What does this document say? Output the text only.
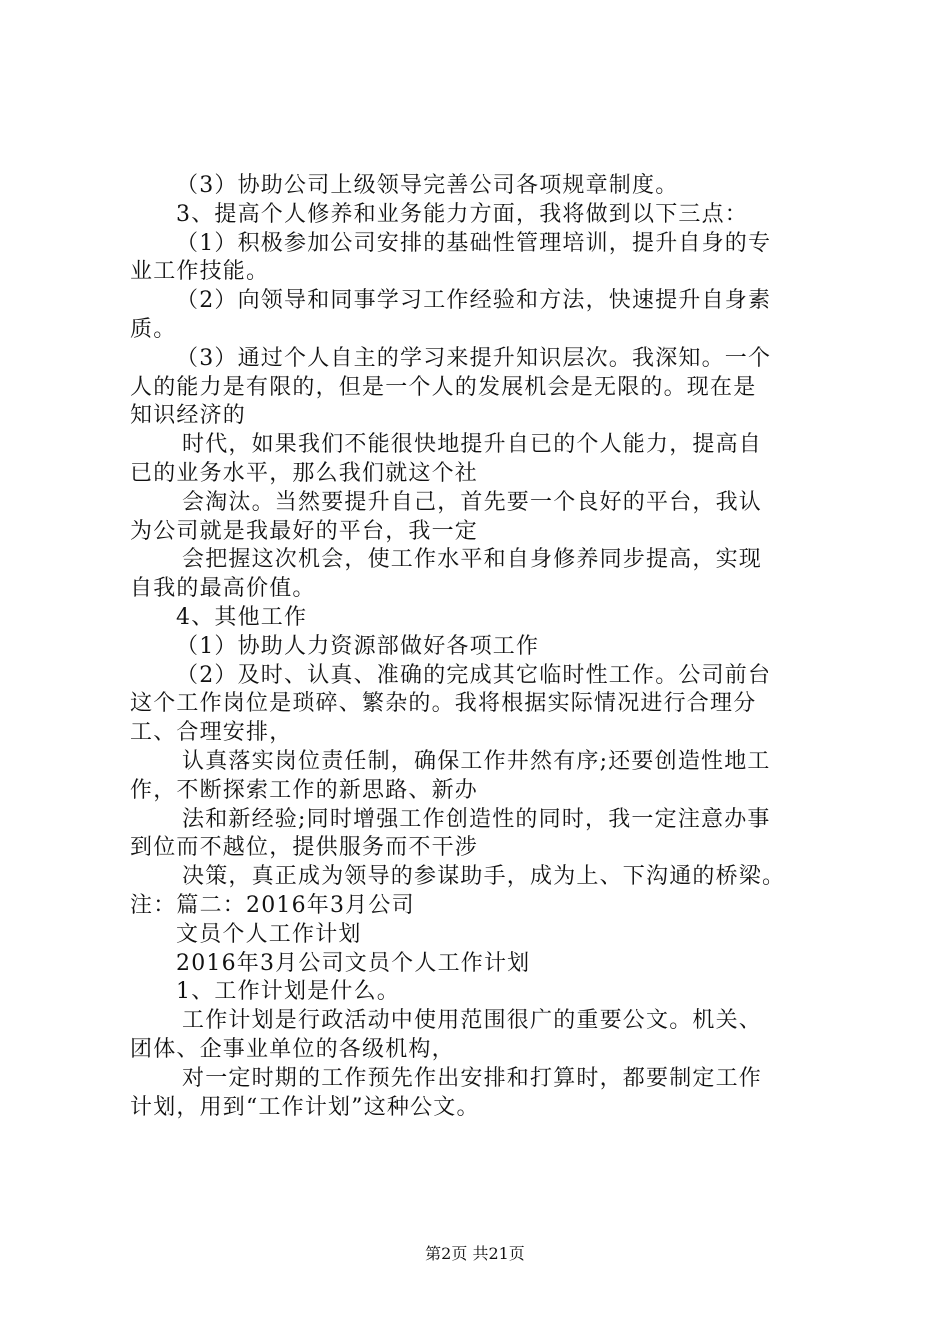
（3）协助公司上级领导完善公司各项规章制度。
3、提高个人修养和业务能力方面，我将做到以下三点：
（1）积极参加公司安排的基础性管理培训，提升自身的专
业工作技能。
（2）向领导和同事学习工作经验和方法，快速提升自身素
质。
（3）通过个人自主的学习来提升知识层次。我深知。一个
人的能力是有限的，但是一个人的发展机会是无限的。现在是
知识经济的
时代，如果我们不能很快地提升自已的个人能力，提高自
已的业务水平，那么我们就这个社
会淘汰。当然要提升自己，首先要一个良好的平台，我认
为公司就是我最好的平台，我一定
会把握这次机会，使工作水平和自身修养同步提高，实现
自我的最高价值。
4、其他工作
（1）协助人力资源部做好各项工作
（2）及时、认真、准确的完成其它临时性工作。公司前台
这个工作岗位是琐碎、繁杂的。我将根据实际情况进行合理分
工、合理安排，
认真落实岗位责任制，确保工作井然有序;还要创造性地工
作，不断探索工作的新思路、新办
法和新经验;同时增强工作创造性的同时，我一定注意办事
到位而不越位，提供服务而不干涉
决策，真正成为领导的参谋助手，成为上、下沟通的桥梁。
注：篇二：2016年3月公司
文员个人工作计划
2016年3月公司文员个人工作计划
1、工作计划是什么。
工作计划是行政活动中使用范围很广的重要公文。机关、
团体、企事业单位的各级机构，
对一定时期的工作预先作出安排和打算时，都要制定工作
计划，用到“工作计划”这种公文。
第2页 共21页
